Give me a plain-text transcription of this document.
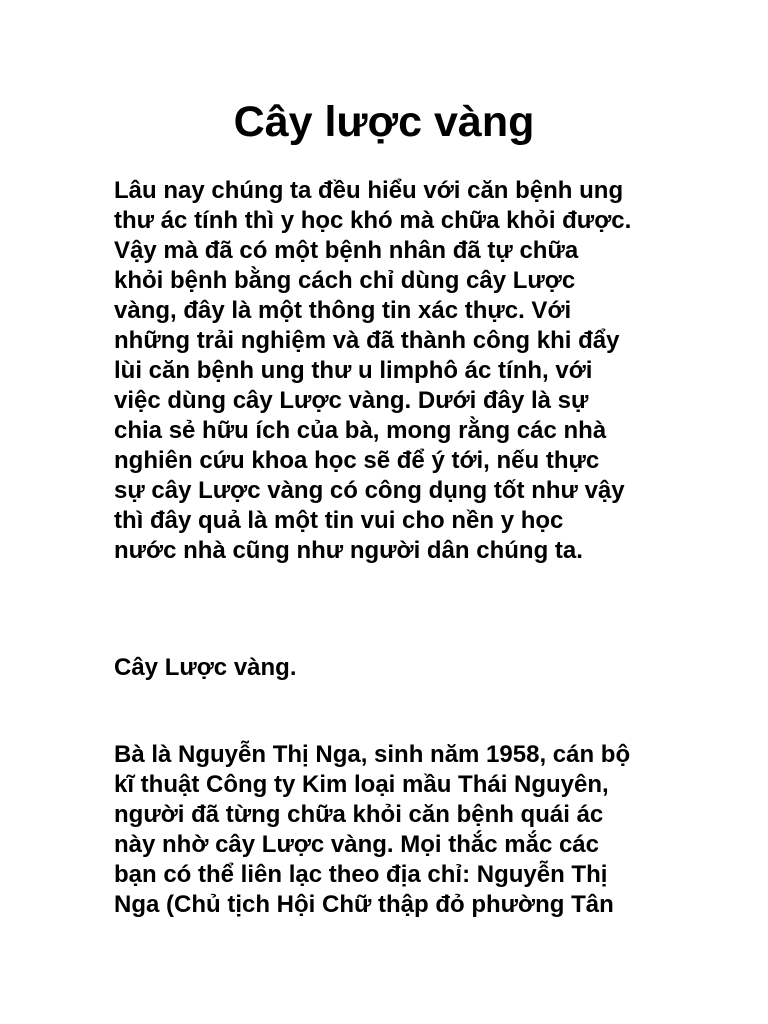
Cây lược vàng
Lâu nay chúng ta đều hiểu với căn bệnh ung
thư ác tính thì y học khó mà chữa khỏi được.
Vậy mà đã có một bệnh nhân đã tự chữa
khỏi bệnh bằng cách chỉ dùng cây Lược
vàng, đây là một thông tin xác thực. Với
những trải nghiệm và đã thành công khi đẩy
lùi căn bệnh ung thư u limphô ác tính, với
việc dùng cây Lược vàng. Dưới đây là sự
chia sẻ hữu ích của bà, mong rằng các nhà
nghiên cứu khoa học sẽ để ý tới, nếu thực
sự cây Lược vàng có công dụng tốt như vậy
thì đây quả là một tin vui cho nền y học
nước nhà cũng như người dân chúng ta.
Cây Lược vàng.
Bà là Nguyễn Thị Nga, sinh năm 1958, cán bộ
kĩ thuật Công ty Kim loại mầu Thái Nguyên,
người đã từng chữa khỏi căn bệnh quái ác
này nhờ cây Lược vàng. Mọi thắc mắc các
bạn có thể liên lạc theo địa chỉ: Nguyễn Thị
Nga (Chủ tịch Hội Chữ thập đỏ phường Tân
